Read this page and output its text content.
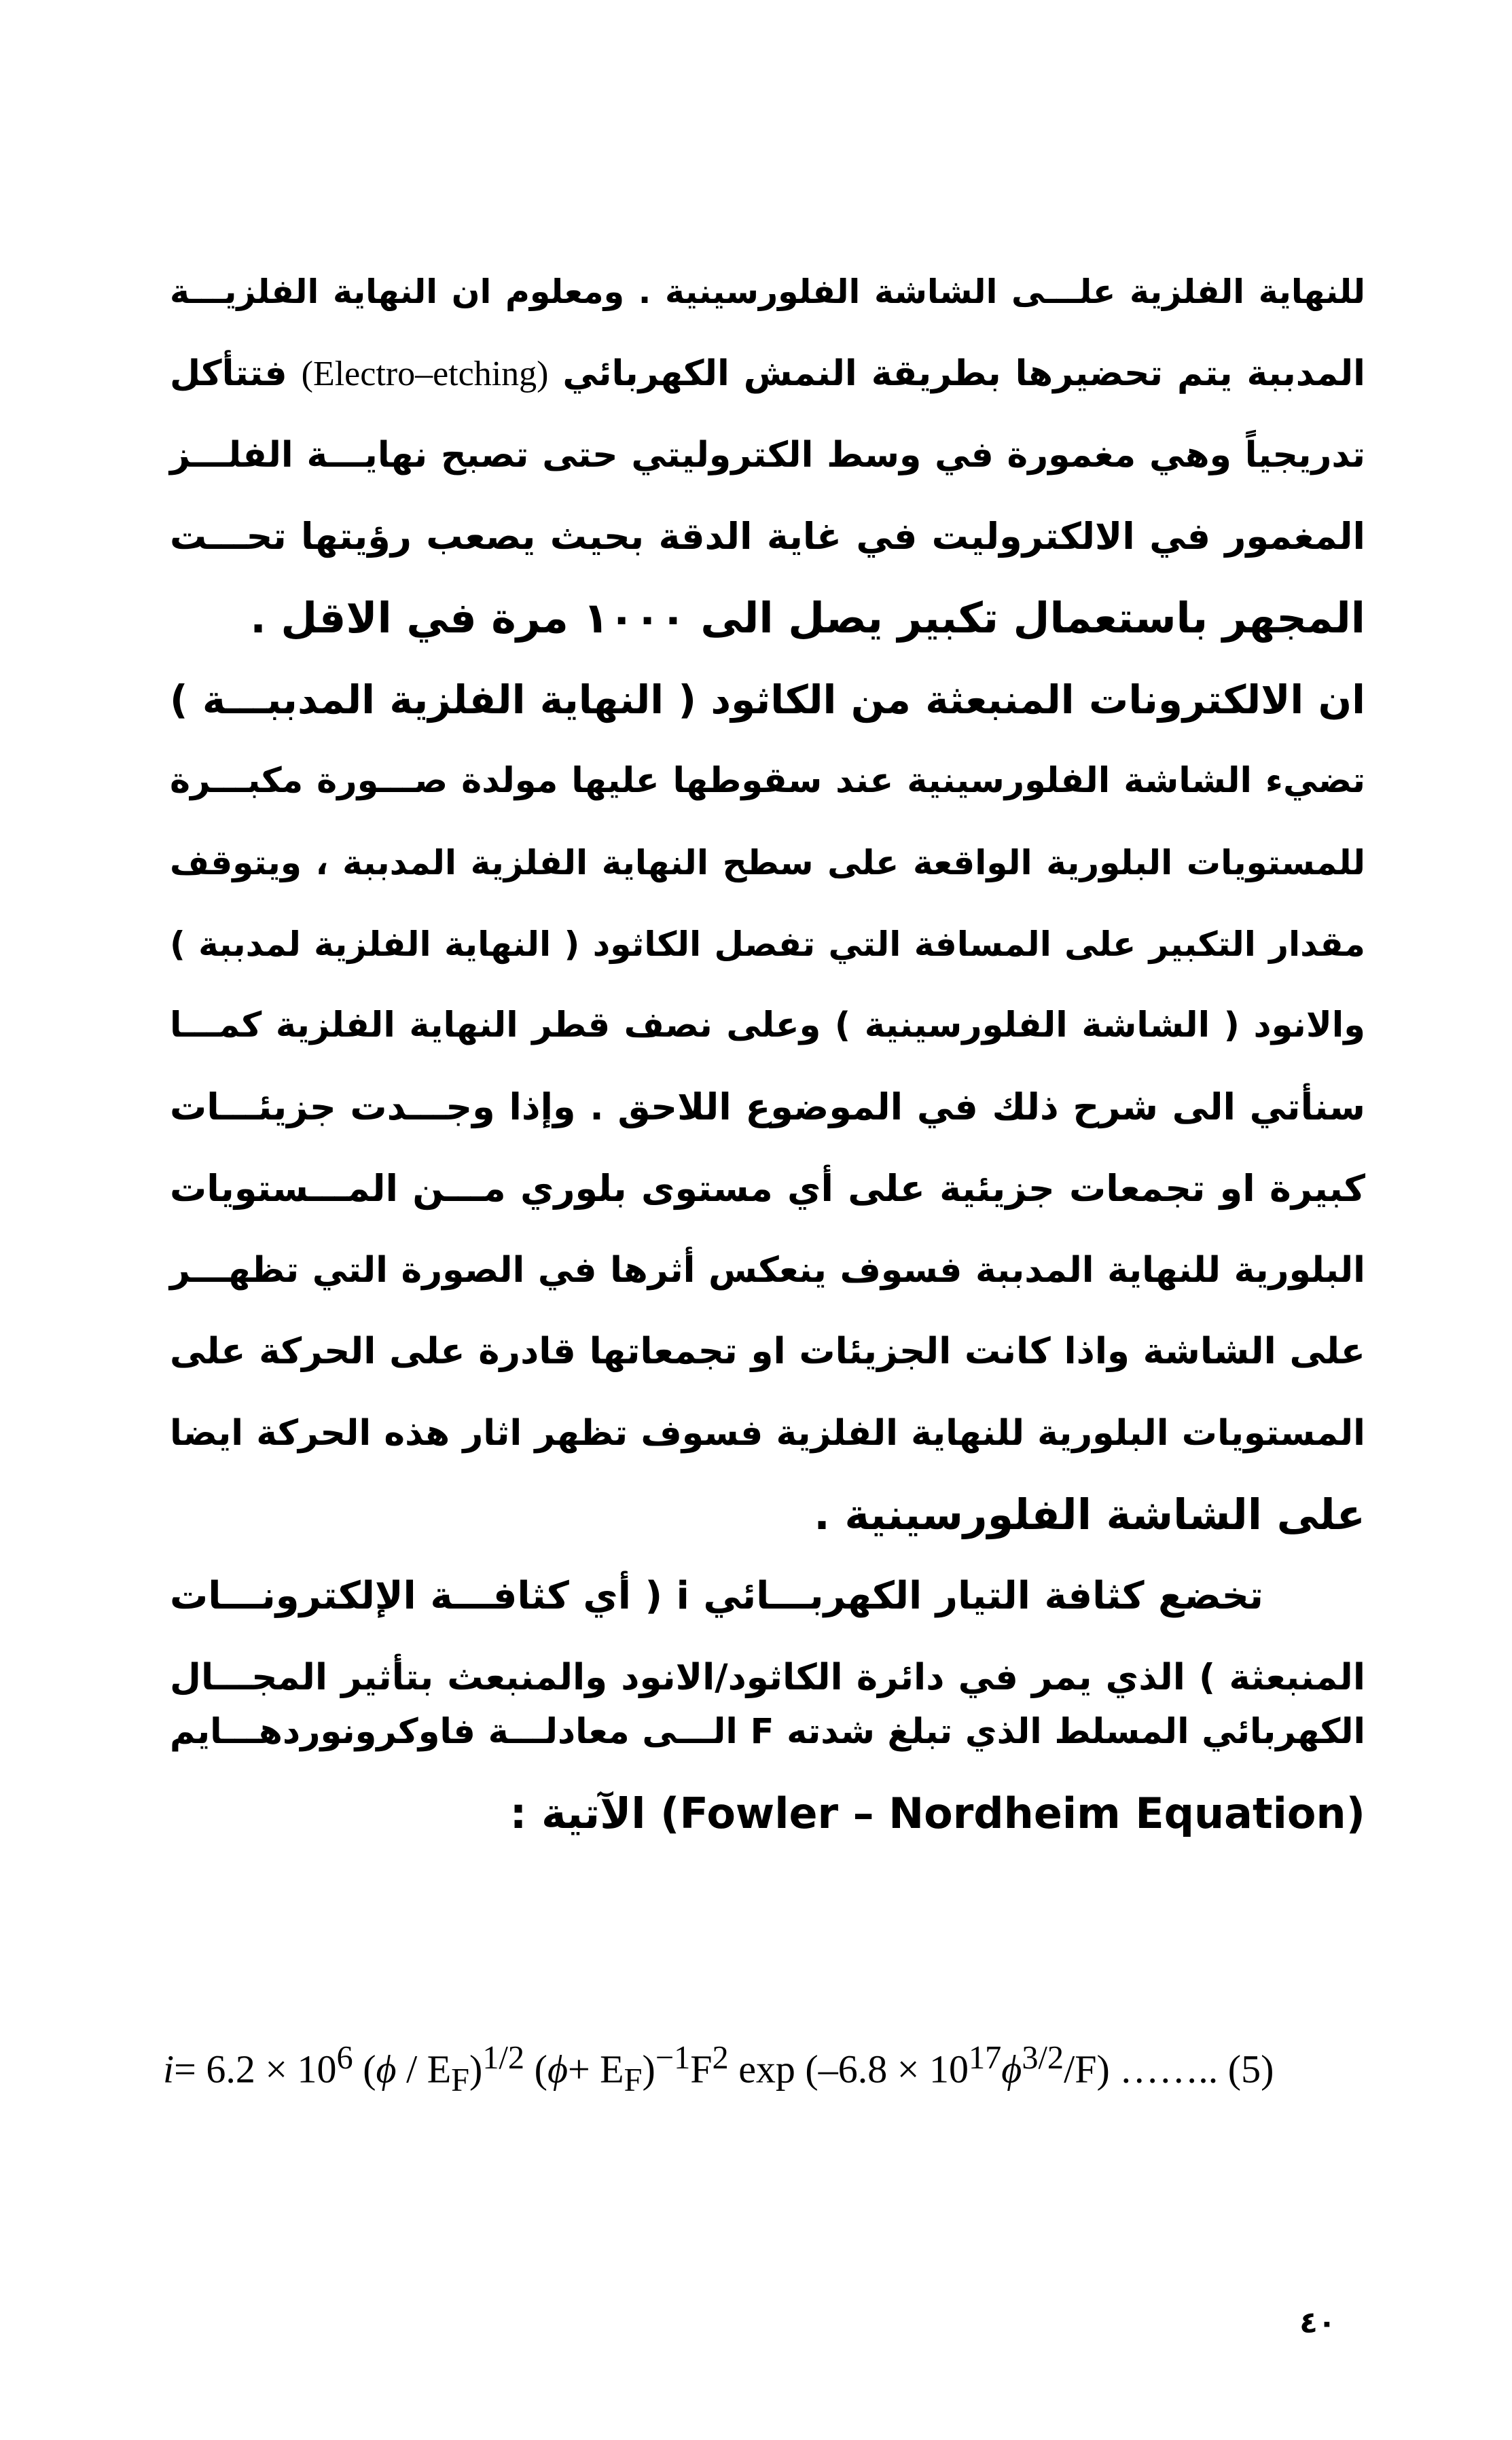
للنهاية الفلزية علـــى الشاشة الفلورسينية . ومعلوم ان النهاية الفلزيـــة
المدببة يتم تحضيرها بطريقة النمش الكهربائي (Electro–etching) فتتأكل
تدريجياً وهي مغمورة في وسط الكتروليتي حتى تصبح نهايـــة الفلـــز
المغمور في الالكتروليت في غاية الدقة بحيث يصعب رؤيتها تحـــت
المجهر باستعمال تكبير يصل الى ١٠٠٠ مرة في الاقل .
ان الالكترونات المنبعثة من الكاثود ( النهاية الفلزية المدببـــة )
تضيء الشاشة الفلورسينية عند سقوطها عليها مولدة صـــورة مكبـــرة
للمستويات البلورية الواقعة على سطح النهاية الفلزية المدببة ، ويتوقف
مقدار التكبير على المسافة التي تفصل الكاثود ( النهاية الفلزية لمدببة )
والانود ( الشاشة الفلورسينية ) وعلى نصف قطر النهاية الفلزية كمـــا
سنأتي الى شرح ذلك في الموضوع اللاحق . وإذا وجـــدت جزيئـــات
كبيرة او تجمعات جزيئية على أي مستوى بلوري مـــن المـــستويات
البلورية للنهاية المدببة فسوف ينعكس أثرها في الصورة التي تظهـــر
على الشاشة واذا كانت الجزيئات او تجمعاتها قادرة على الحركة على
المستويات البلورية للنهاية الفلزية فسوف تظهر اثار هذه الحركة ايضا
على الشاشة الفلورسينية .
تخضع كثافة التيار الكهربـــائي i ( أي كثافـــة الإلكترونـــات
المنبعثة ) الذي يمر في دائرة الكاثود/الانود والمنبعث بتأثير المجـــال
الكهربائي المسلط الذي تبلغ شدته F الـــى معادلـــة فاوكرونوردهـــايم
(Fowler – Nordheim Equation) الآتية :
$i= 6.2 \times 10^6$ $(\phi / E_F)^{1/2}$ $(\phi+ E_F)^{-1}F^2$ $\exp (-6.8 \times 10^{17}\phi^{3/2}/F)$ …….. (5)
٤٠
